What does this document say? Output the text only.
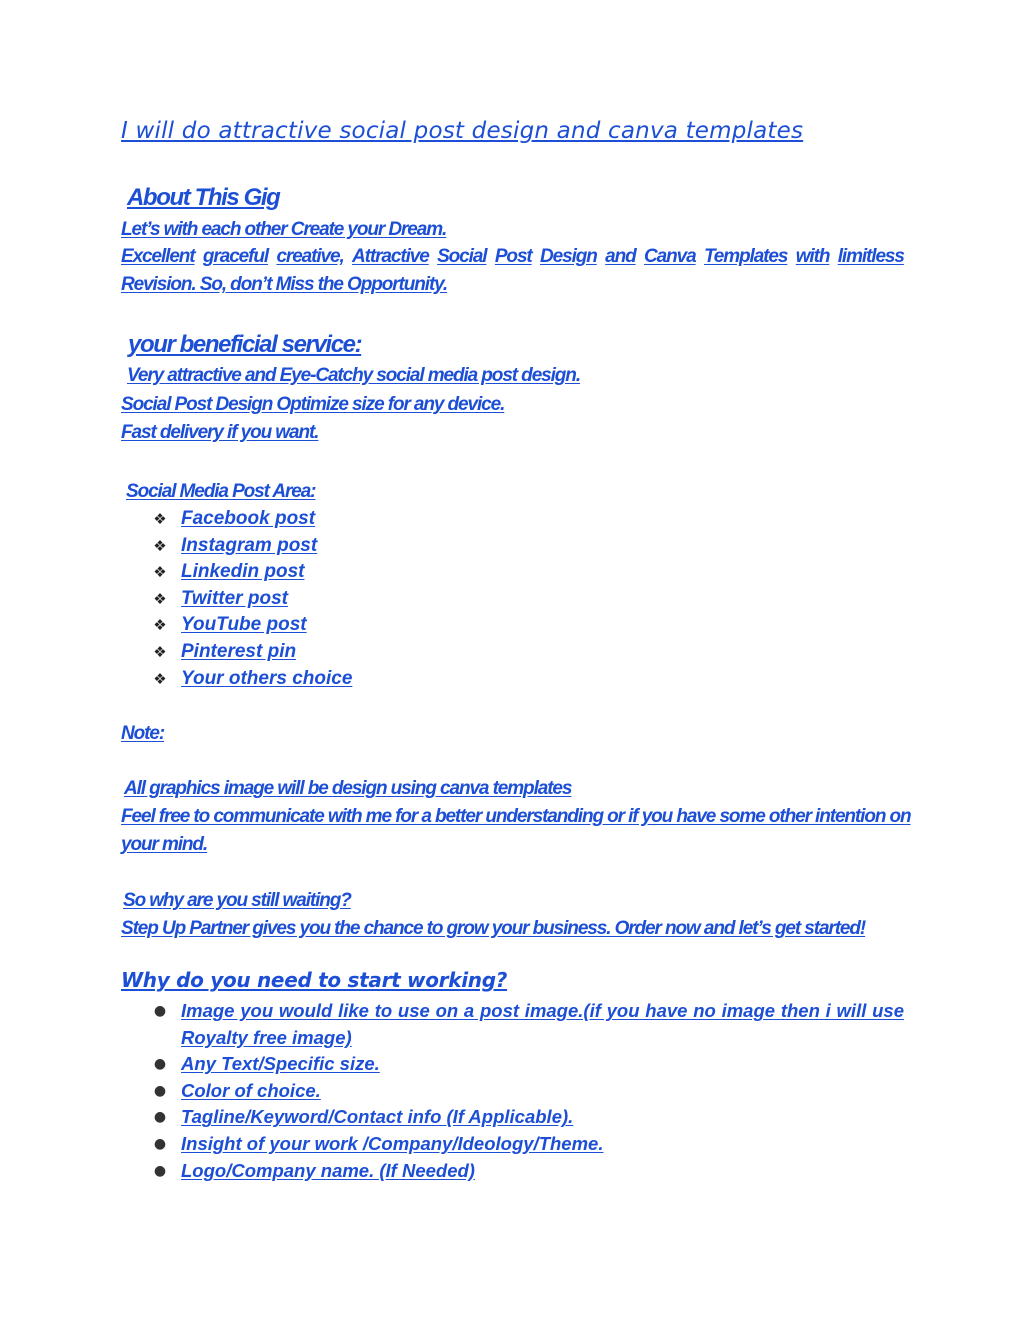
I will do attractive social post design and canva templates
About This Gig
Let’s with each other Create your Dream.
Excellent graceful creative, Attractive Social Post Design and Canva Templates with limitless
Revision. So, don’t Miss the Opportunity.
your beneficial service:
Very attractive and Eye-Catchy social media post design.
Social Post Design Optimize size for any device.
Fast delivery if you want.
Social Media Post Area:
❖ Facebook post
❖ Instagram post
❖ Linkedin post
❖ Twitter post
❖ YouTube post
❖ Pinterest pin
❖ Your others choice
Note:
All graphics image will be design using canva templates
Feel free to communicate with me for a better understanding or if you have some other intention on
your mind.
So why are you still waiting?
Step Up Partner gives you the chance to grow your business. Order now and let’s get started!
Why do you need to start working?
● Image you would like to use on a post image.(if you have no image then i will use Royalty free image)
● Any Text/Specific size.
● Color of choice.
● Tagline/Keyword/Contact info (If Applicable).
● Insight of your work /Company/Ideology/Theme.
● Logo/Company name. (If Needed)
